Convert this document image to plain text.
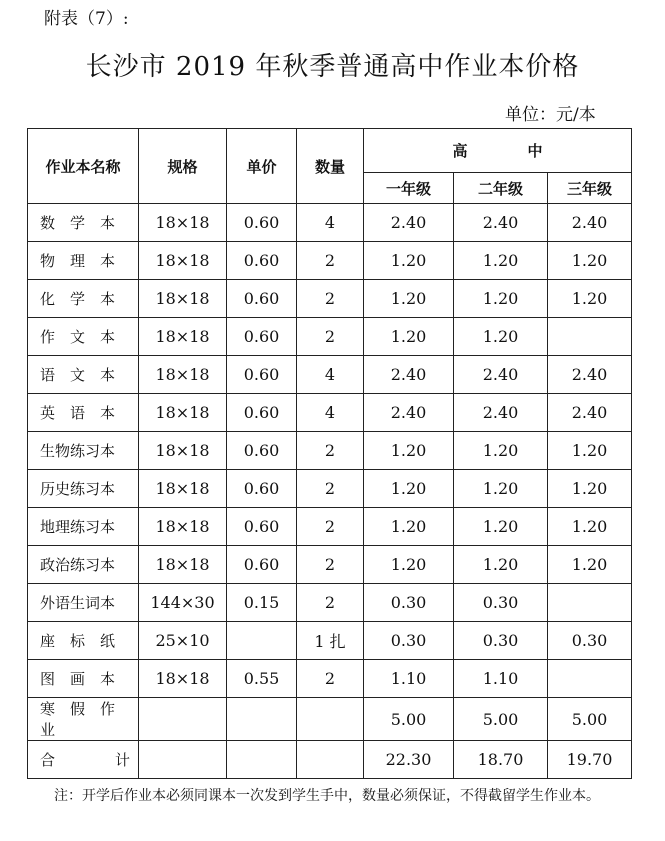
附表（7）:
长沙市 2019 年秋季普通高中作业本价格
单位：元/本
作业本名称	规格	单价	数量	高　　　　中		
				一年级	二年级	三年级
数　学　本	18×18	0.60	4	2.40	2.40	2.40
物　理　本	18×18	0.60	2	1.20	1.20	1.20
化　学　本	18×18	0.60	2	1.20	1.20	1.20
作　文　本	18×18	0.60	2	1.20	1.20	
语　文　本	18×18	0.60	4	2.40	2.40	2.40
英　语　本	18×18	0.60	4	2.40	2.40	2.40
生物练习本	18×18	0.60	2	1.20	1.20	1.20
历史练习本	18×18	0.60	2	1.20	1.20	1.20
地理练习本	18×18	0.60	2	1.20	1.20	1.20
政治练习本	18×18	0.60	2	1.20	1.20	1.20
外语生词本	144×30	0.15	2	0.30	0.30	
座　标　纸	25×10		1 扎	0.30	0.30	0.30
图　画　本	18×18	0.55	2	1.10	1.10	
寒　假　作　业				5.00	5.00	5.00
合　　　　计				22.30	18.70	19.70
注：开学后作业本必须同课本一次发到学生手中，数量必须保证，不得截留学生作业本。
